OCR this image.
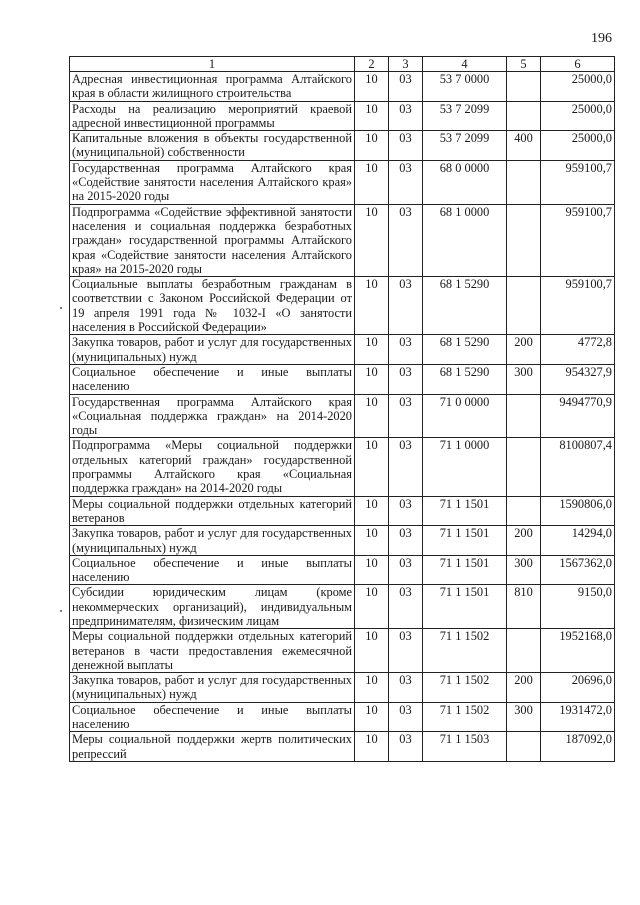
196
1	2	3	4	5	6
Адресная инвестиционная программа Алтайского края в области жилищного строительства	10	03	53 7 0000		25000,0
Расходы на реализацию мероприятий краевой адресной инвестиционной программы	10	03	53 7 2099		25000,0
Капитальные вложения в объекты государственной (муниципальной) собственности	10	03	53 7 2099	400	25000,0
Государственная программа Алтайского края «Содействие занятости населения Алтайского края» на 2015-2020 годы	10	03	68 0 0000		959100,7
Подпрограмма «Содействие эффективной занятости населения и социальная поддержка безработных граждан» государственной программы Алтайского края «Содействие занятости населения Алтайского края» на 2015-2020 годы	10	03	68 1 0000		959100,7
Социальные выплаты безработным гражданам в соответствии с Законом Российской Федерации от 19 апреля 1991 года № 1032-I «О занятости населения в Российской Федерации»	10	03	68 1 5290		959100,7
Закупка товаров, работ и услуг для государственных (муниципальных) нужд	10	03	68 1 5290	200	4772,8
Социальное обеспечение и иные выплаты населению	10	03	68 1 5290	300	954327,9
Государственная программа Алтайского края «Социальная поддержка граждан» на 2014-2020 годы	10	03	71 0 0000		9494770,9
Подпрограмма «Меры социальной поддержки отдельных категорий граждан» государственной программы Алтайского края «Социальная поддержка граждан» на 2014-2020 годы	10	03	71 1 0000		8100807,4
Меры социальной поддержки отдельных категорий ветеранов	10	03	71 1 1501		1590806,0
Закупка товаров, работ и услуг для государственных (муниципальных) нужд	10	03	71 1 1501	200	14294,0
Социальное обеспечение и иные выплаты населению	10	03	71 1 1501	300	1567362,0
Субсидии юридическим лицам (кроме некоммерческих организаций), индивидуальным предпринимателям, физическим лицам	10	03	71 1 1501	810	9150,0
Меры социальной поддержки отдельных категорий ветеранов в части предоставления ежемесячной денежной выплаты	10	03	71 1 1502		1952168,0
Закупка товаров, работ и услуг для государственных (муниципальных) нужд	10	03	71 1 1502	200	20696,0
Социальное обеспечение и иные выплаты населению	10	03	71 1 1502	300	1931472,0
Меры социальной поддержки жертв политических репрессий	10	03	71 1 1503		187092,0
